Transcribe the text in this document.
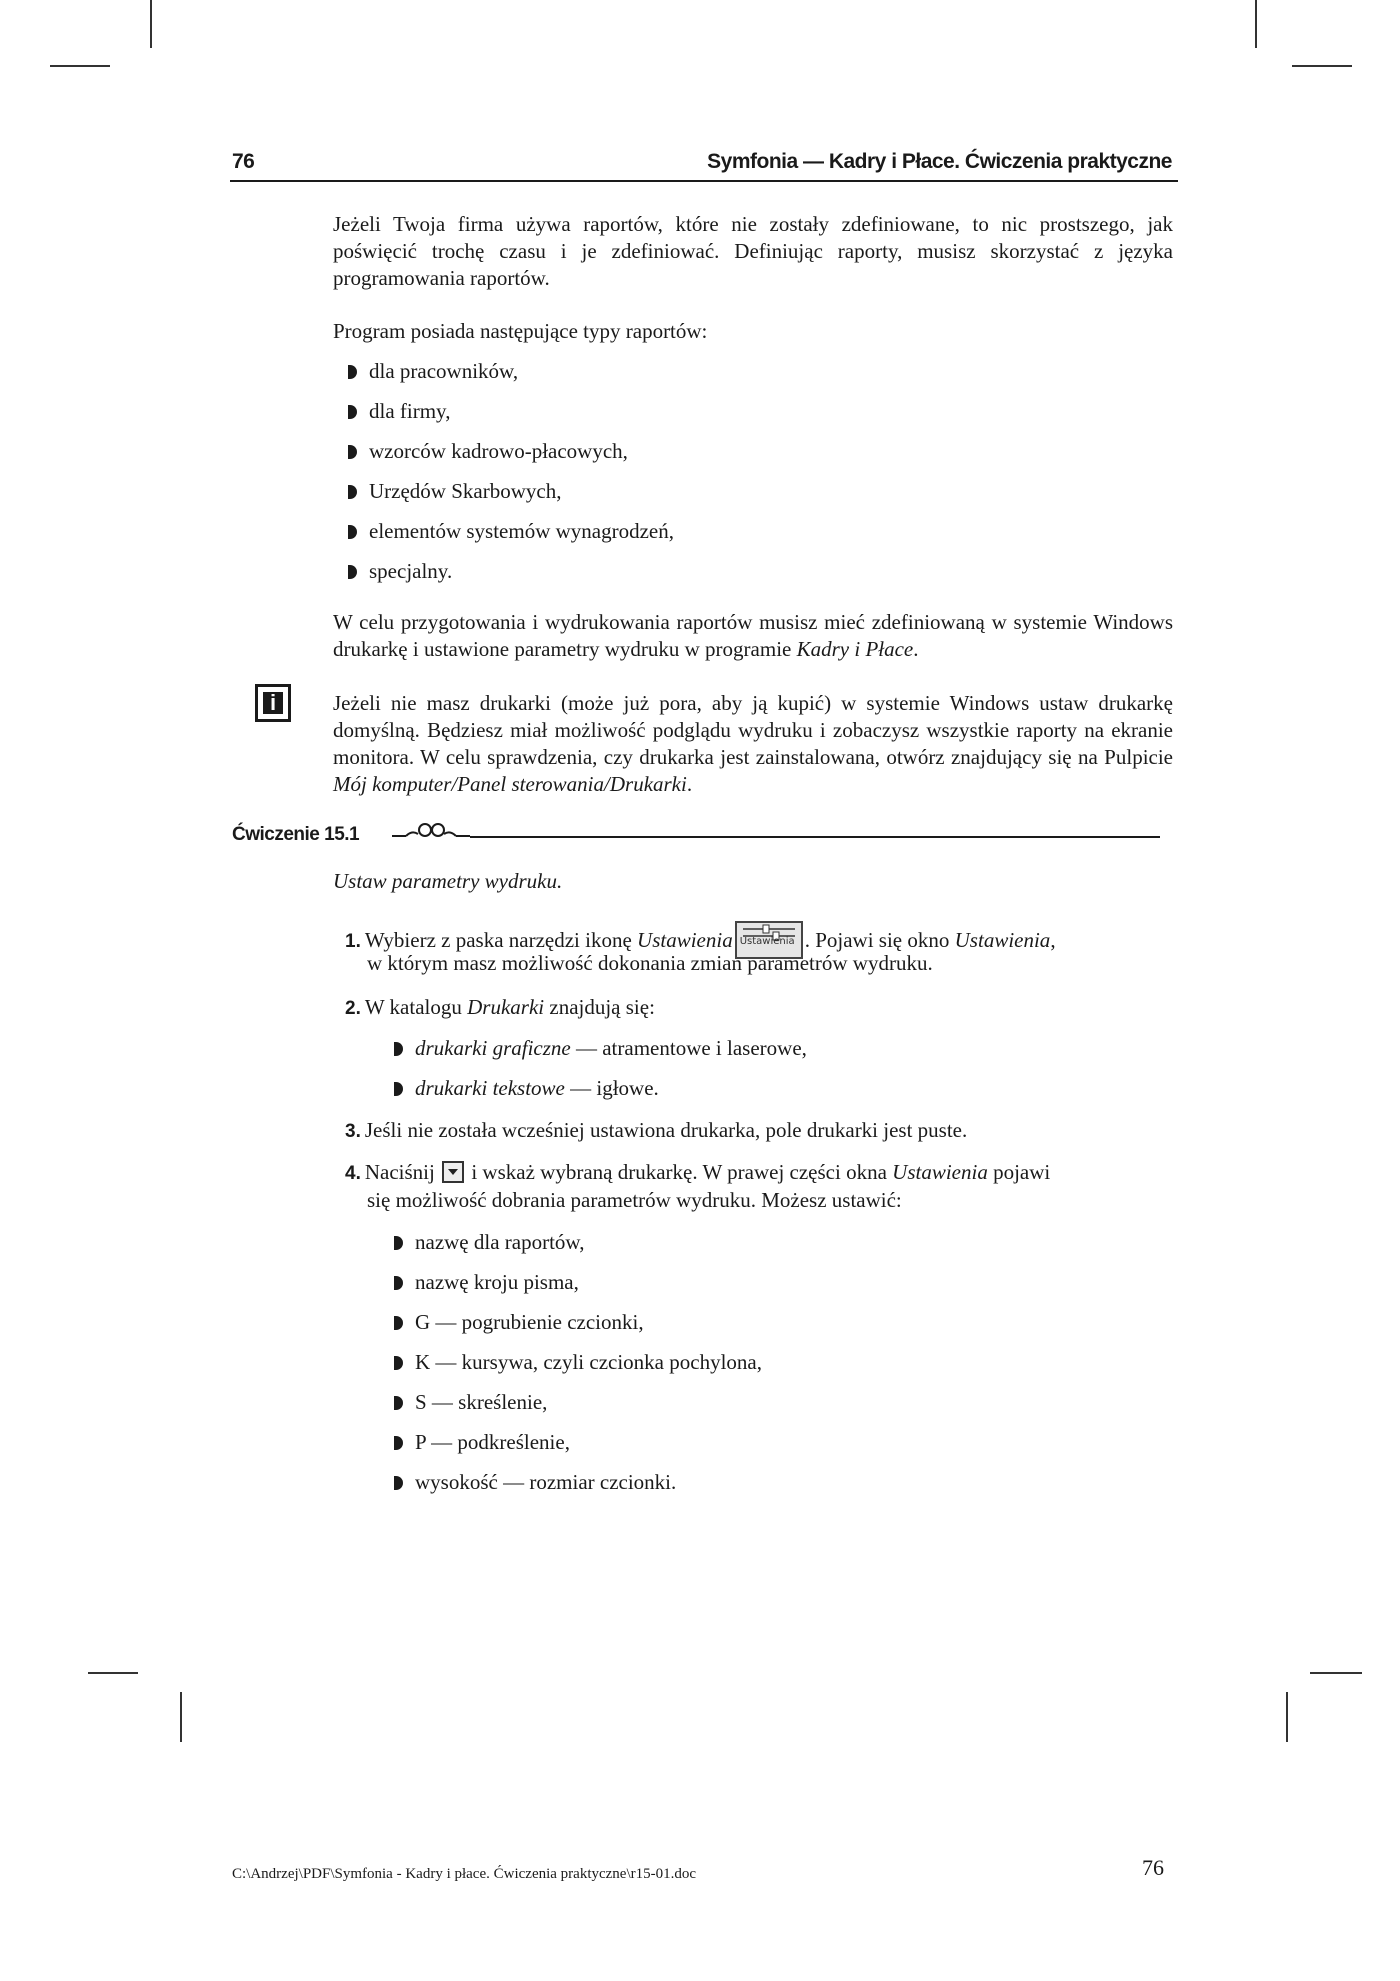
76	Symfonia — Kadry i Płace. Ćwiczenia praktyczne

Jeżeli Twoja firma używa raportów, które nie zostały zdefiniowane, to nic prostszego, jak poświęcić trochę czasu i je zdefiniować. Definiując raporty, musisz skorzystać z języka programowania raportów.

Program posiada następujące typy raportów:

dla pracowników,
dla firmy,
wzorców kadrowo-płacowych,
Urzędów Skarbowych,
elementów systemów wynagrodzeń,
specjalny.

W celu przygotowania i wydrukowania raportów musisz mieć zdefiniowaną w systemie Windows drukarkę i ustawione parametry wydruku w programie Kadry i Płace.

i	Jeżeli nie masz drukarki (może już pora, aby ją kupić) w systemie Windows ustaw drukarkę domyślną. Będziesz miał możliwość podglądu wydruku i zobaczysz wszystkie raporty na ekranie monitora. W celu sprawdzenia, czy drukarka jest zainstalowana, otwórz znajdujący się na Pulpicie Mój komputer/Panel sterowania/Drukarki.

Ćwiczenie 15.1
Ustaw parametry wydruku.
1. Wybierz z paska narzędzi ikonę Ustawienia Ustawienia . Pojawi się okno Ustawienia,
w którym masz możliwość dokonania zmian parametrów wydruku.
2. W katalogu Drukarki znajdują się:
drukarki graficzne — atramentowe i laserowe,
drukarki tekstowe — igłowe.
3. Jeśli nie została wcześniej ustawiona drukarka, pole drukarki jest puste.
4. Naciśnij  i wskaż wybraną drukarkę. W prawej części okna Ustawienia pojawi
się możliwość dobrania parametrów wydruku. Możesz ustawić:
nazwę dla raportów,
nazwę kroju pisma,
G — pogrubienie czcionki,
K — kursywa, czyli czcionka pochylona,
S — skreślenie,
P — podkreślenie,
wysokość — rozmiar czcionki.
C:\Andrzej\PDF\Symfonia - Kadry i płace. Ćwiczenia praktyczne\r15-01.doc	76
